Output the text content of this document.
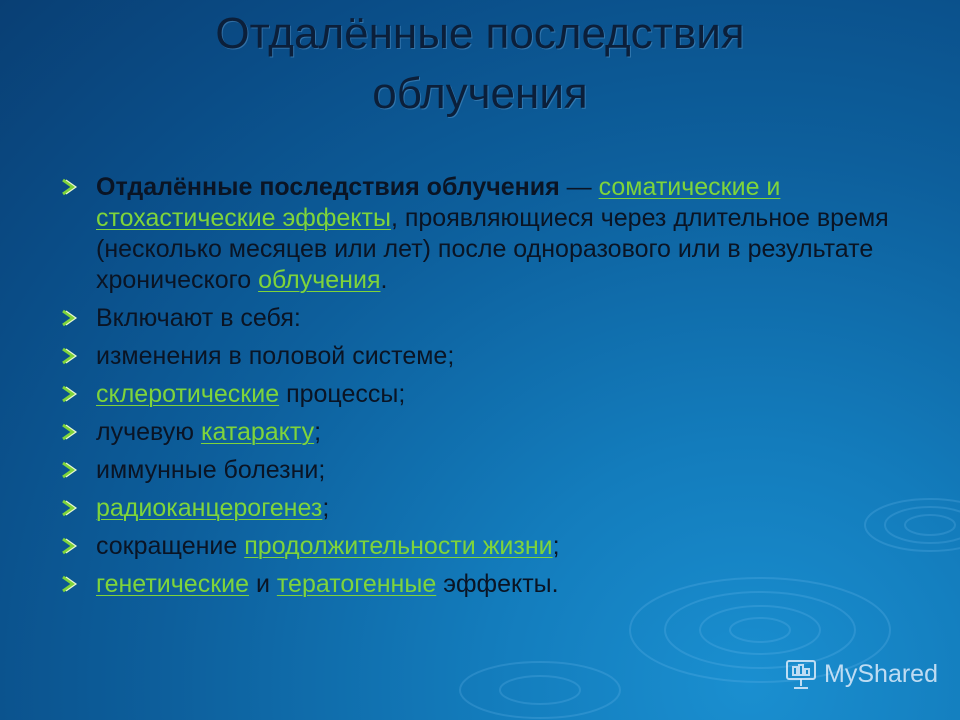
Отдалённые последствия
облучения
Отдалённые последствия облучения — соматические и стохастические эффекты, проявляющиеся через длительное время (несколько месяцев или лет) после одноразового или в результате хронического облучения.
Включают в себя:
изменения в половой системе;
склеротические процессы;
лучевую катаракту;
иммунные болезни;
радиоканцерогенез;
сокращение продолжительности жизни;
генетические и тератогенные эффекты.
MyShared
